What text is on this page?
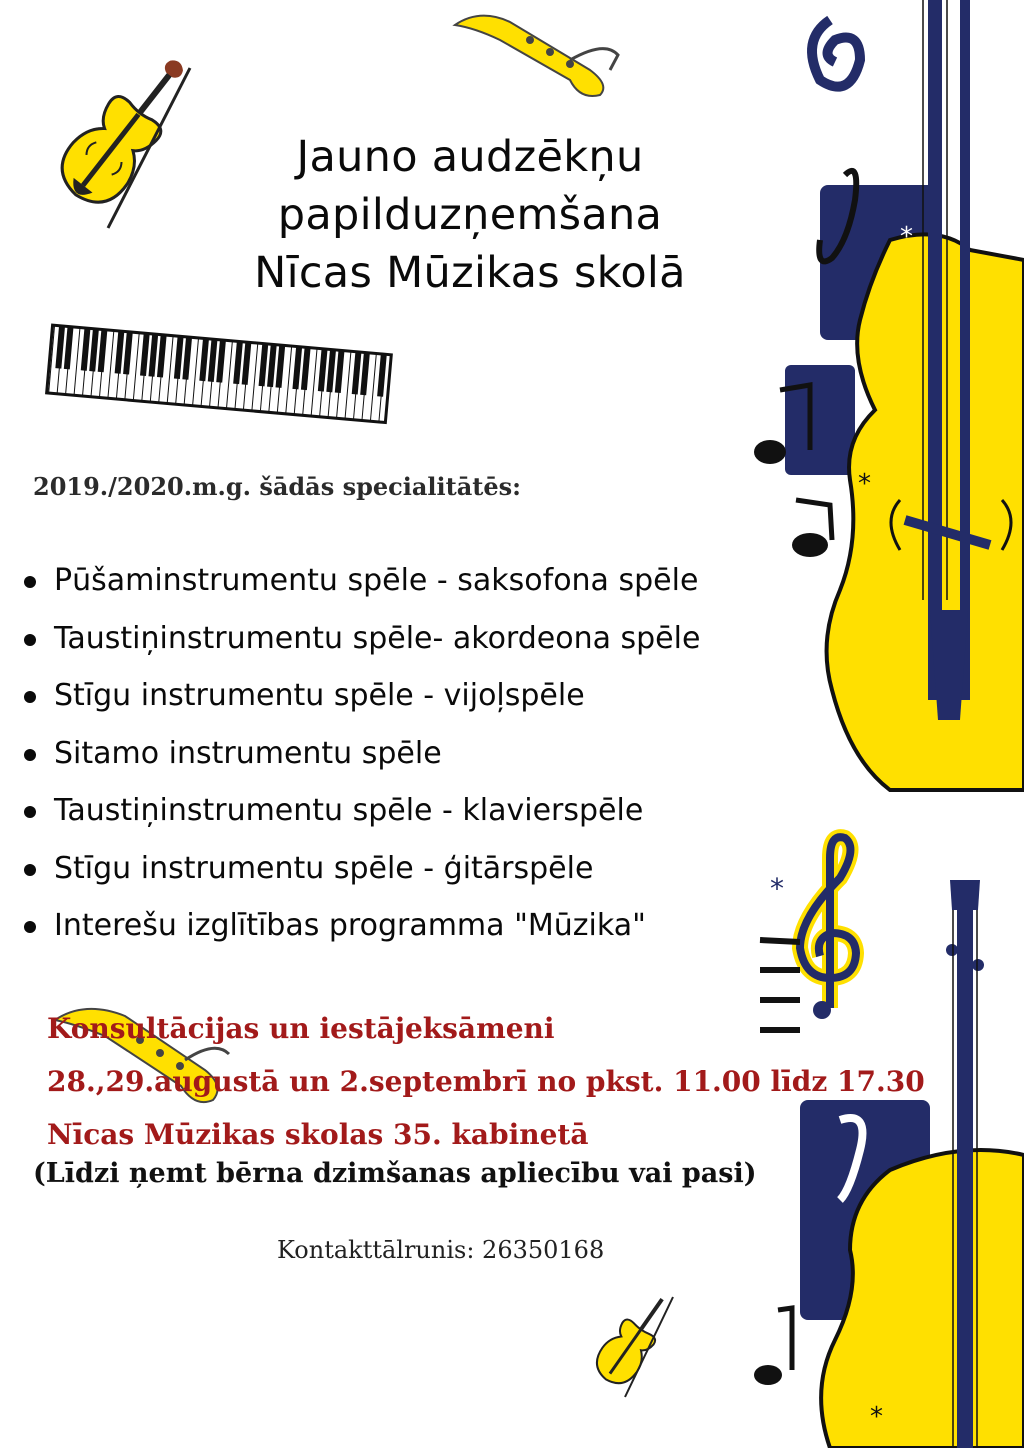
*
*
*
*
Jauno audzēkņu
papilduzņemšana
Nīcas Mūzikas skolā

2019./2020.m.g. šādās specialitātēs:

Pūšaminstrumentu spēle - saksofona spēle
Taustiņinstrumentu spēle- akordeona spēle
Stīgu instrumentu spēle - vijoļspēle
Sitamo instrumentu spēle
Taustiņinstrumentu spēle - klavierspēle
Stīgu instrumentu spēle - ģitārspēle
Interešu izglītības programma "Mūzika"
Konsultācijas un iestājeksāmeni
28.,29.augustā un 2.septembrī no pkst. 11.00 līdz 17.30
Nīcas Mūzikas skolas 35. kabinetā

(Līdzi ņemt bērna dzimšanas apliecību vai pasi)

Kontakttālrunis: 26350168
